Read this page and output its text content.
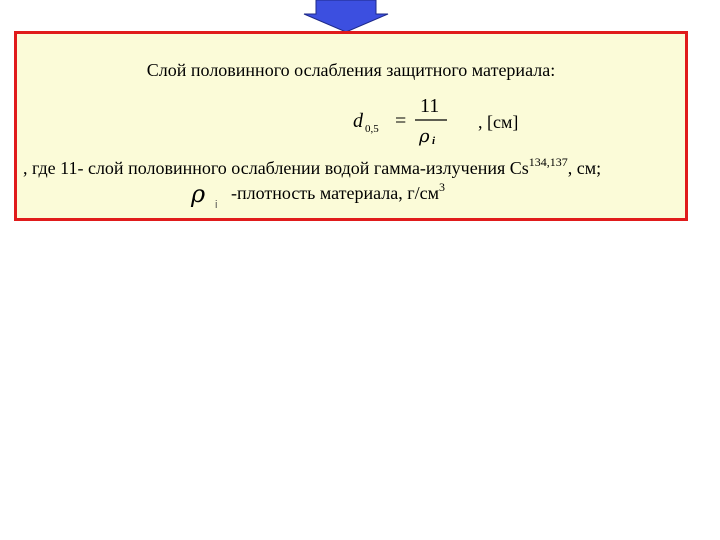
Слой половинного ослабления защитного материала:
d 0,5 =
11
ρ i
, [см]
, где 11- слой половинного ослаблении водой гамма-излучения Cs$^{134,137}$, см;
ρ i
-плотность материала, $г/см^3$
